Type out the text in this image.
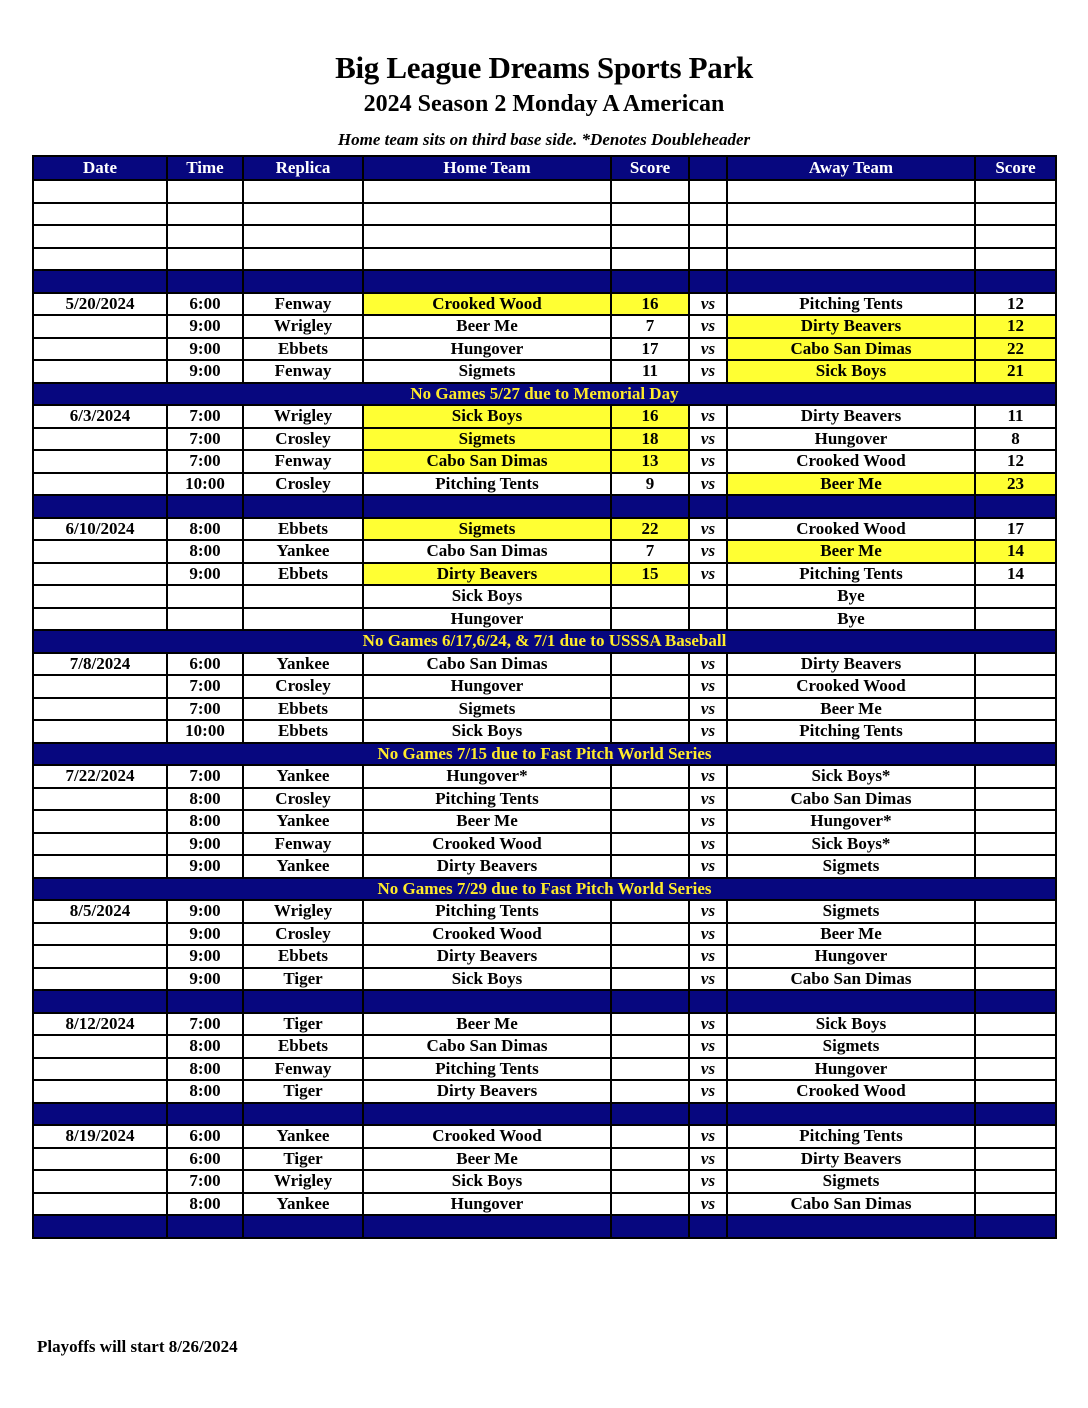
Big League Dreams Sports Park
2024 Season 2 Monday A American
Home team sits on third base side. *Denotes Doubleheader
Date	Time	Replica	Home Team	Score		Away Team	Score

5/20/2024	6:00	Fenway	Crooked Wood	16	vs	Pitching Tents	12
	9:00	Wrigley	Beer Me	7	vs	Dirty Beavers	12
	9:00	Ebbets	Hungover	17	vs	Cabo San Dimas	22
	9:00	Fenway	Sigmets	11	vs	Sick Boys	21
No Games 5/27 due to Memorial Day							
6/3/2024	7:00	Wrigley	Sick Boys	16	vs	Dirty Beavers	11
	7:00	Crosley	Sigmets	18	vs	Hungover	8
	7:00	Fenway	Cabo San Dimas	13	vs	Crooked Wood	12
	10:00	Crosley	Pitching Tents	9	vs	Beer Me	23

6/10/2024	8:00	Ebbets	Sigmets	22	vs	Crooked Wood	17
	8:00	Yankee	Cabo San Dimas	7	vs	Beer Me	14
	9:00	Ebbets	Dirty Beavers	15	vs	Pitching Tents	14
			Sick Boys			Bye	
			Hungover			Bye	
No Games 6/17,6/24, & 7/1 due to USSSA Baseball							
7/8/2024	6:00	Yankee	Cabo San Dimas		vs	Dirty Beavers	
	7:00	Crosley	Hungover		vs	Crooked Wood	
	7:00	Ebbets	Sigmets		vs	Beer Me	
	10:00	Ebbets	Sick Boys		vs	Pitching Tents	
No Games 7/15 due to Fast Pitch World Series							
7/22/2024	7:00	Yankee	Hungover*		vs	Sick Boys*	
	8:00	Crosley	Pitching Tents		vs	Cabo San Dimas	
	8:00	Yankee	Beer Me		vs	Hungover*	
	9:00	Fenway	Crooked Wood		vs	Sick Boys*	
	9:00	Yankee	Dirty Beavers		vs	Sigmets	
No Games 7/29 due to Fast Pitch World Series							
8/5/2024	9:00	Wrigley	Pitching Tents		vs	Sigmets	
	9:00	Crosley	Crooked Wood		vs	Beer Me	
	9:00	Ebbets	Dirty Beavers		vs	Hungover	
	9:00	Tiger	Sick Boys		vs	Cabo San Dimas	

8/12/2024	7:00	Tiger	Beer Me		vs	Sick Boys	
	8:00	Ebbets	Cabo San Dimas		vs	Sigmets	
	8:00	Fenway	Pitching Tents		vs	Hungover	
	8:00	Tiger	Dirty Beavers		vs	Crooked Wood	

8/19/2024	6:00	Yankee	Crooked Wood		vs	Pitching Tents	
	6:00	Tiger	Beer Me		vs	Dirty Beavers	
	7:00	Wrigley	Sick Boys		vs	Sigmets	
	8:00	Yankee	Hungover		vs	Cabo San Dimas	

Playoffs will start 8/26/2024
